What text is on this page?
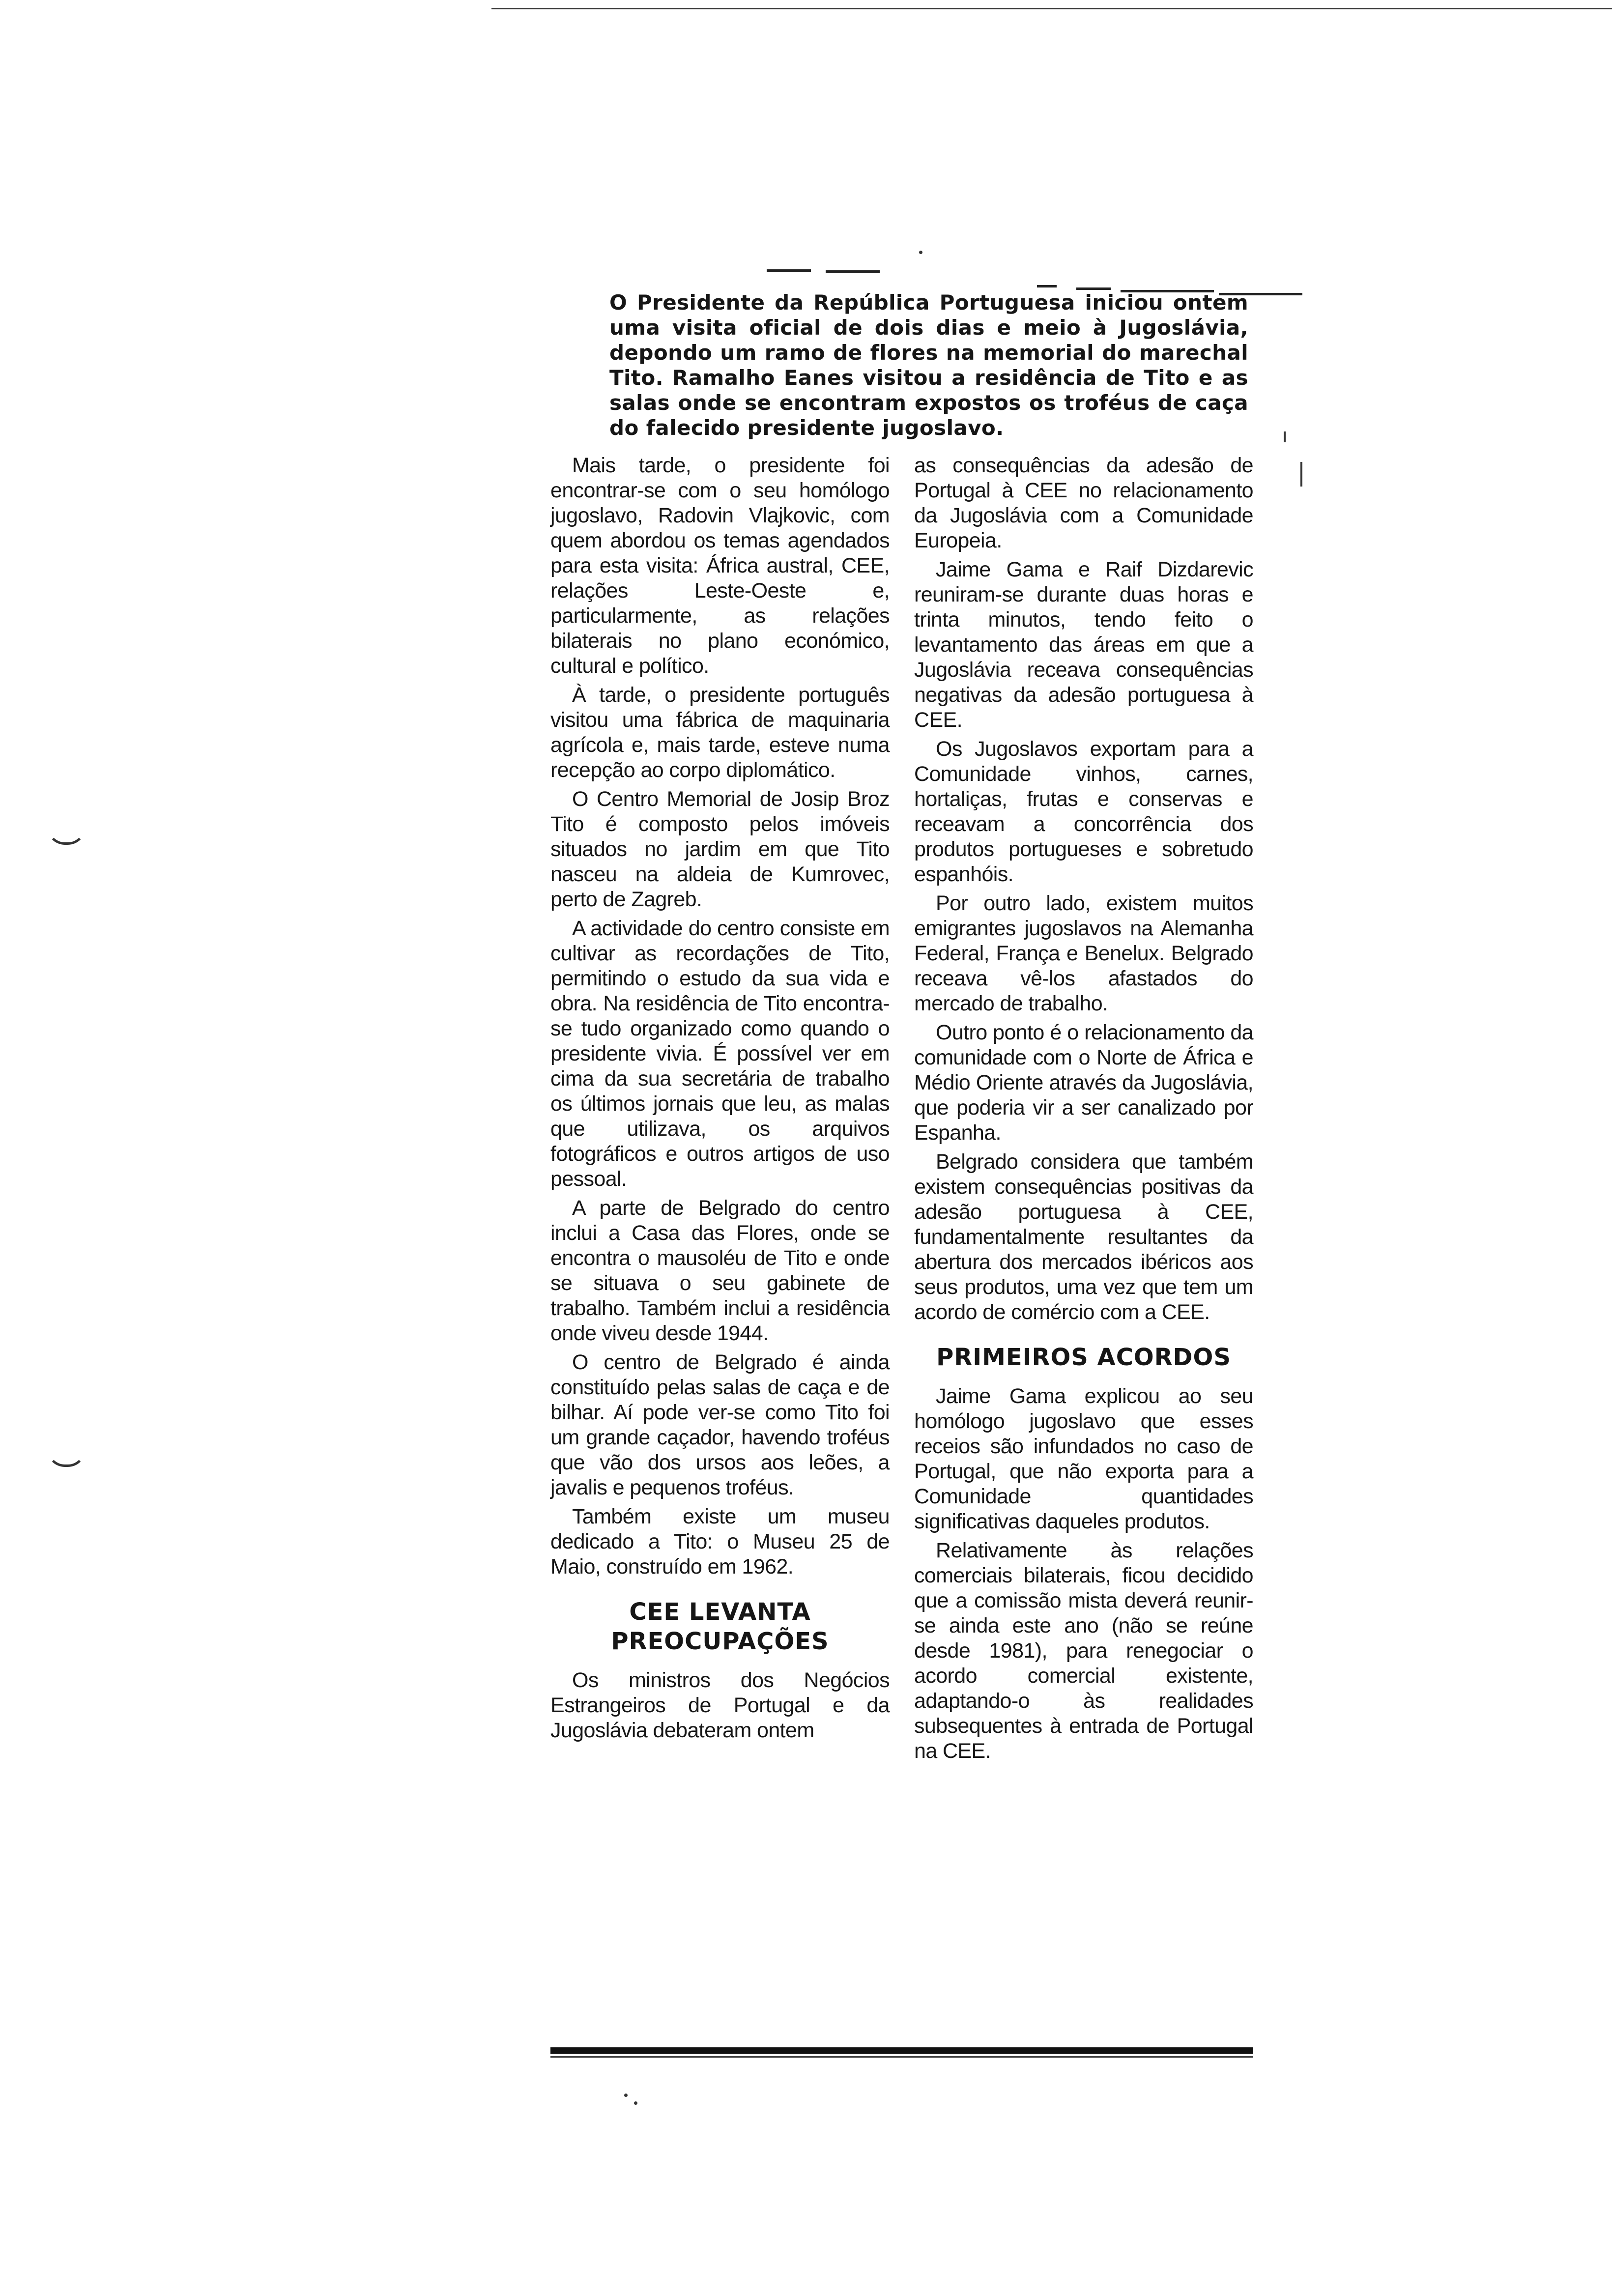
O Presidente da República Portuguesa iniciou ontem uma visita oficial de dois dias e meio à Jugoslávia, depondo um ramo de flores na memorial do marechal Tito. Ramalho Eanes visitou a residência de Tito e as salas onde se encontram expostos os troféus de caça do falecido presidente jugoslavo.

Mais tarde, o presidente foi encontrar-se com o seu homólogo jugoslavo, Radovin Vlajkovic, com quem abordou os temas agendados para esta visita: África austral, CEE, relações Leste-Oeste e, particularmente, as relações bilaterais no plano económico, cultural e político.

À tarde, o presidente português visitou uma fábrica de maquinaria agrícola e, mais tarde, esteve numa recepção ao corpo diplomático.

O Centro Memorial de Josip Broz Tito é composto pelos imóveis situados no jardim em que Tito nasceu na aldeia de Kumrovec, perto de Zagreb.

A actividade do centro consiste em cultivar as recordações de Tito, permitindo o estudo da sua vida e obra. Na residência de Tito encontra-se tudo organizado como quando o presidente vivia. É possível ver em cima da sua secretária de trabalho os últimos jornais que leu, as malas que utilizava, os arquivos fotográficos e outros artigos de uso pessoal.

A parte de Belgrado do centro inclui a Casa das Flores, onde se encontra o mausoléu de Tito e onde se situava o seu gabinete de trabalho. Também inclui a residência onde viveu desde 1944.

O centro de Belgrado é ainda constituído pelas salas de caça e de bilhar. Aí pode ver-se como Tito foi um grande caçador, havendo troféus que vão dos ursos aos leões, a javalis e pequenos troféus.

Também existe um museu dedicado a Tito: o Museu 25 de Maio, construído em 1962.

CEE LEVANTA
PREOCUPAÇÕES

Os ministros dos Negócios Estrangeiros de Portugal e da Jugoslávia debateram ontem

as consequências da adesão de Portugal à CEE no relacionamento da Jugoslávia com a Comunidade Europeia.

Jaime Gama e Raif Dizdarevic reuniram-se durante duas horas e trinta minutos, tendo feito o levantamento das áreas em que a Jugoslávia receava consequências negativas da adesão portuguesa à CEE.

Os Jugoslavos exportam para a Comunidade vinhos, carnes, hortaliças, frutas e conservas e receavam a concorrência dos produtos portugueses e sobretudo espanhóis.

Por outro lado, existem muitos emigrantes jugoslavos na Alemanha Federal, França e Benelux. Belgrado receava vê-los afastados do mercado de trabalho.

Outro ponto é o relacionamento da comunidade com o Norte de África e Médio Oriente através da Jugoslávia, que poderia vir a ser canalizado por Espanha.

Belgrado considera que também existem consequências positivas da adesão portuguesa à CEE, fundamentalmente resultantes da abertura dos mercados ibéricos aos seus produtos, uma vez que tem um acordo de comércio com a CEE.

PRIMEIROS ACORDOS

Jaime Gama explicou ao seu homólogo jugoslavo que esses receios são infundados no caso de Portugal, que não exporta para a Comunidade quantidades significativas daqueles produtos.

Relativamente às relações comerciais bilaterais, ficou decidido que a comissão mista deverá reunir-se ainda este ano (não se reúne desde 1981), para renegociar o acordo comercial existente, adaptando-o às realidades subsequentes à entrada de Portugal na CEE.
